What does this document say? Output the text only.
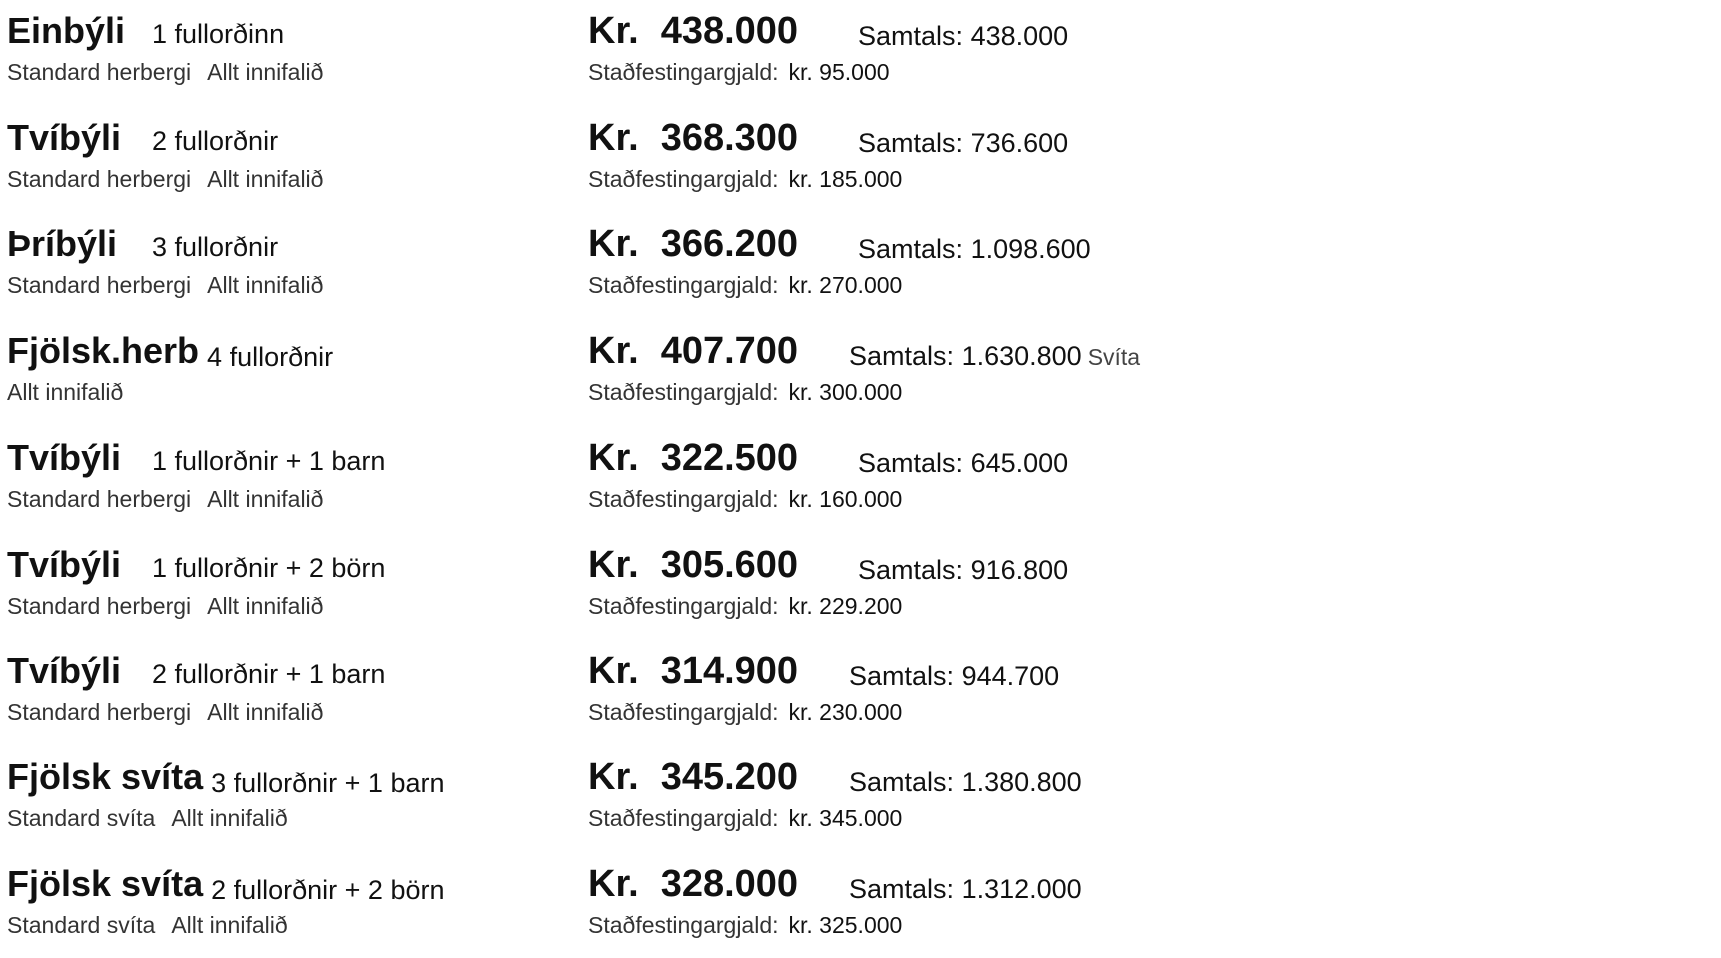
Einbýli 1 fullorðinn
Standard herbergi Allt innifalið
Kr. 438.000 Samtals: 438.000
Staðfestingargjald: kr. 95.000
Tvíbýli 2 fullorðnir
Standard herbergi Allt innifalið
Kr. 368.300 Samtals: 736.600
Staðfestingargjald: kr. 185.000
Þríbýli 3 fullorðnir
Standard herbergi Allt innifalið
Kr. 366.200 Samtals: 1.098.600
Staðfestingargjald: kr. 270.000
Fjölsk.herb 4 fullorðnir
Allt innifalið
Kr. 407.700 Samtals: 1.630.800 Svíta
Staðfestingargjald: kr. 300.000
Tvíbýli 1 fullorðnir + 1 barn
Standard herbergi Allt innifalið
Kr. 322.500 Samtals: 645.000
Staðfestingargjald: kr. 160.000
Tvíbýli 1 fullorðnir + 2 börn
Standard herbergi Allt innifalið
Kr. 305.600 Samtals: 916.800
Staðfestingargjald: kr. 229.200
Tvíbýli 2 fullorðnir + 1 barn
Standard herbergi Allt innifalið
Kr. 314.900 Samtals: 944.700
Staðfestingargjald: kr. 230.000
Fjölsk svíta 3 fullorðnir + 1 barn
Standard svíta Allt innifalið
Kr. 345.200 Samtals: 1.380.800
Staðfestingargjald: kr. 345.000
Fjölsk svíta 2 fullorðnir + 2 börn
Standard svíta Allt innifalið
Kr. 328.000 Samtals: 1.312.000
Staðfestingargjald: kr. 325.000
